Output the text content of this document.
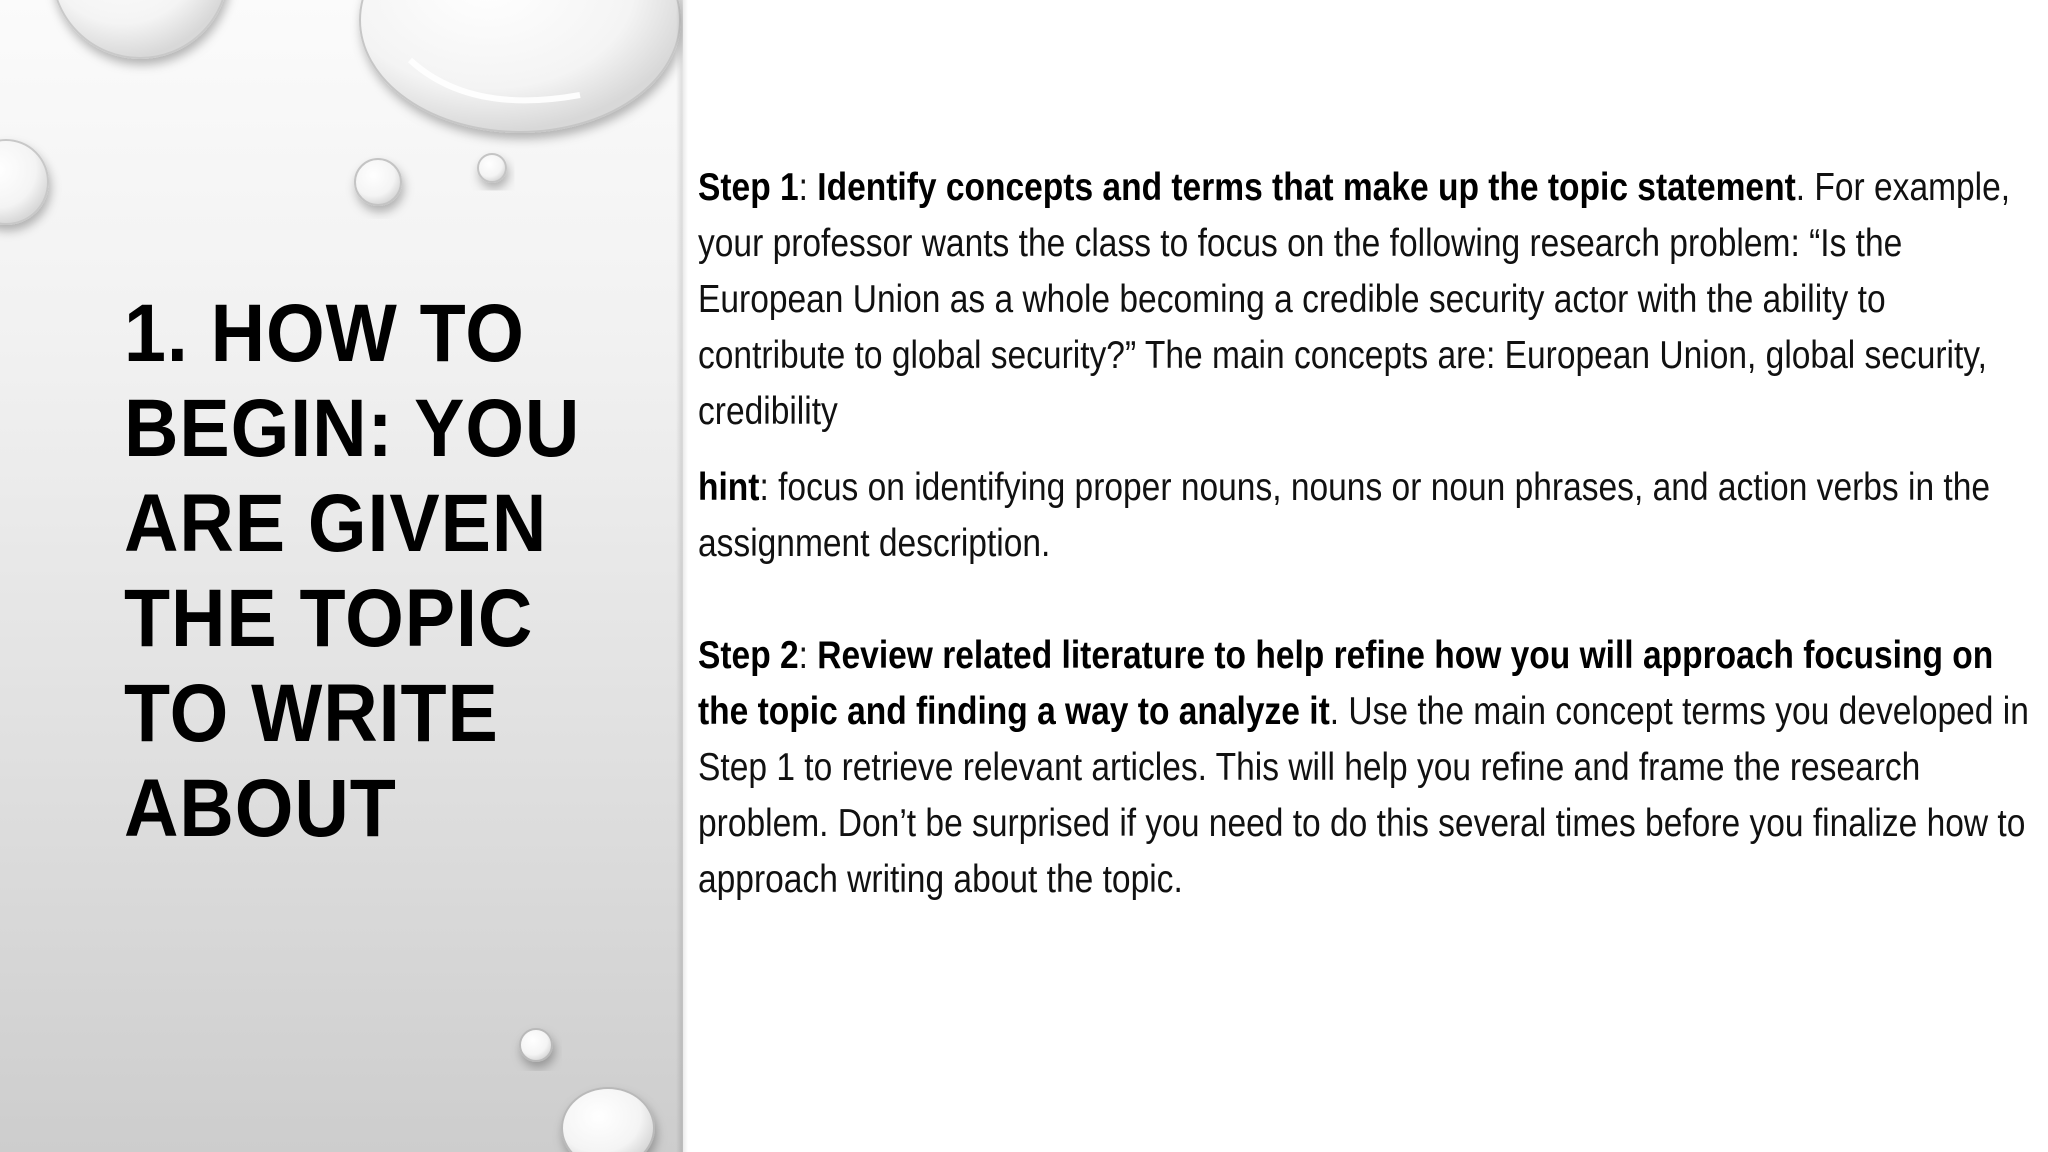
1. HOW TO
BEGIN: YOU
ARE GIVEN
THE TOPIC
TO WRITE
ABOUT

Step 1: Identify concepts and terms that make up the topic statement. For example, your professor wants the class to focus on the following research problem: “Is the European Union as a whole becoming a credible security actor with the ability to contribute to global security?” The main concepts are: European Union, global security, credibility

hint: focus on identifying proper nouns, nouns or noun phrases, and action verbs in the assignment description.

Step 2: Review related literature to help refine how you will approach focusing on the topic and finding a way to analyze it. Use the main concept terms you developed in Step 1 to retrieve relevant articles. This will help you refine and frame the research problem. Don’t be surprised if you need to do this several times before you finalize how to approach writing about the topic.
